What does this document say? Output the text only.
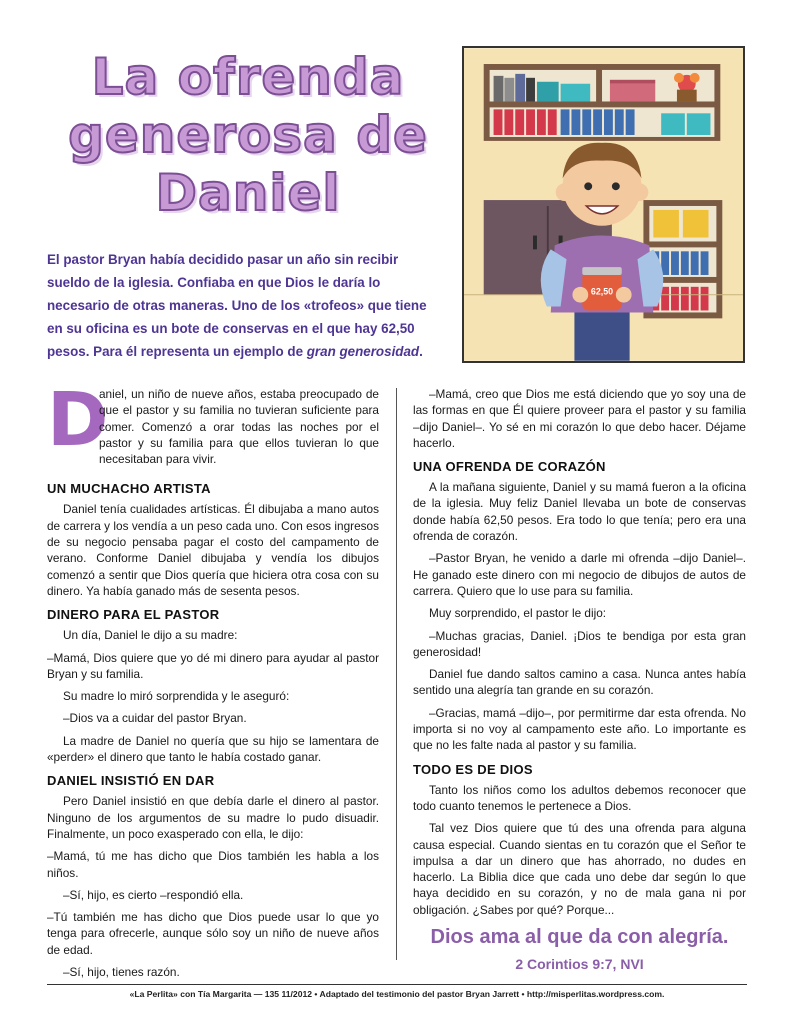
La ofrenda
generosa de
Daniel

El pastor Bryan había decidido pasar un año sin recibir sueldo de la iglesia. Confiaba en que Dios le daría lo necesario de otras maneras. Uno de los «trofeos» que tiene en su oficina es un bote de conservas en el que hay 62,50 pesos. Para él representa un ejemplo de gran generosidad.

62,50
D

aniel, un niño de nueve años, estaba preocupado de que el pastor y su familia no tuvieran suficiente para comer. Comenzó a orar todas las noches por el pastor y su familia para que ellos tuvieran lo que necesitaban para vivir.

UN MUCHACHO ARTISTA

Daniel tenía cualidades artísticas. Él dibujaba a mano autos de carrera y los vendía a un peso cada uno. Con esos ingresos de su negocio pensaba pagar el costo del campamento de verano. Conforme Daniel dibujaba y vendía los dibujos comenzó a sentir que Dios quería que hiciera otra cosa con su dinero. Ya había ganado más de sesenta pesos.

DINERO PARA EL PASTOR

Un día, Daniel le dijo a su madre:

–Mamá, Dios quiere que yo dé mi dinero para ayudar al pastor Bryan y su familia.

Su madre lo miró sorprendida y le aseguró:

–Dios va a cuidar del pastor Bryan.

La madre de Daniel no quería que su hijo se lamentara de «perder» el dinero que tanto le había costado ganar.

DANIEL INSISTIÓ EN DAR

Pero Daniel insistió en que debía darle el dinero al pastor. Ninguno de los argumentos de su madre lo pudo disuadir. Finalmente, un poco exasperado con ella, le dijo:

–Mamá, tú me has dicho que Dios también les habla a los niños.

–Sí, hijo, es cierto –respondió ella.

–Tú también me has dicho que Dios puede usar lo que yo tenga para ofrecerle, aunque sólo soy un niño de nueve años de edad.

–Sí, hijo, tienes razón.

–Mamá, creo que Dios me está diciendo que yo soy una de las formas en que Él quiere proveer para el pastor y su familia –dijo Daniel–. Yo sé en mi corazón lo que debo hacer. Déjame hacerlo.

UNA OFRENDA DE CORAZÓN

A la mañana siguiente, Daniel y su mamá fueron a la oficina de la iglesia. Muy feliz Daniel llevaba un bote de conservas donde había 62,50 pesos. Era todo lo que tenía; pero era una ofrenda de corazón.

–Pastor Bryan, he venido a darle mi ofrenda –dijo Daniel–. He ganado este dinero con mi negocio de dibujos de autos de carrera. Quiero que lo use para su familia.

Muy sorprendido, el pastor le dijo:

–Muchas gracias, Daniel. ¡Dios te bendiga por esta gran generosidad!

Daniel fue dando saltos camino a casa. Nunca antes había sentido una alegría tan grande en su corazón.

–Gracias, mamá –dijo–, por permitirme dar esta ofrenda. No importa si no voy al campamento este año. Lo importante es que no les falte nada al pastor y su familia.

TODO ES DE DIOS

Tanto los niños como los adultos debemos reconocer que todo cuanto tenemos le pertenece a Dios.

Tal vez Dios quiere que tú des una ofrenda para alguna causa especial. Cuando sientas en tu corazón que el Señor te impulsa a dar un dinero que has ahorrado, no dudes en hacerlo. La Biblia dice que cada uno debe dar según lo que haya decidido en su corazón, y no de mala gana ni por obligación. ¿Sabes por qué? Porque...

Dios ama al que da con alegría.
2 Corintios 9:7, NVI
«La Perlita» con Tía Margarita — 135 11/2012 • Adaptado del testimonio del pastor Bryan Jarrett • http://misperlitas.wordpress.com.
